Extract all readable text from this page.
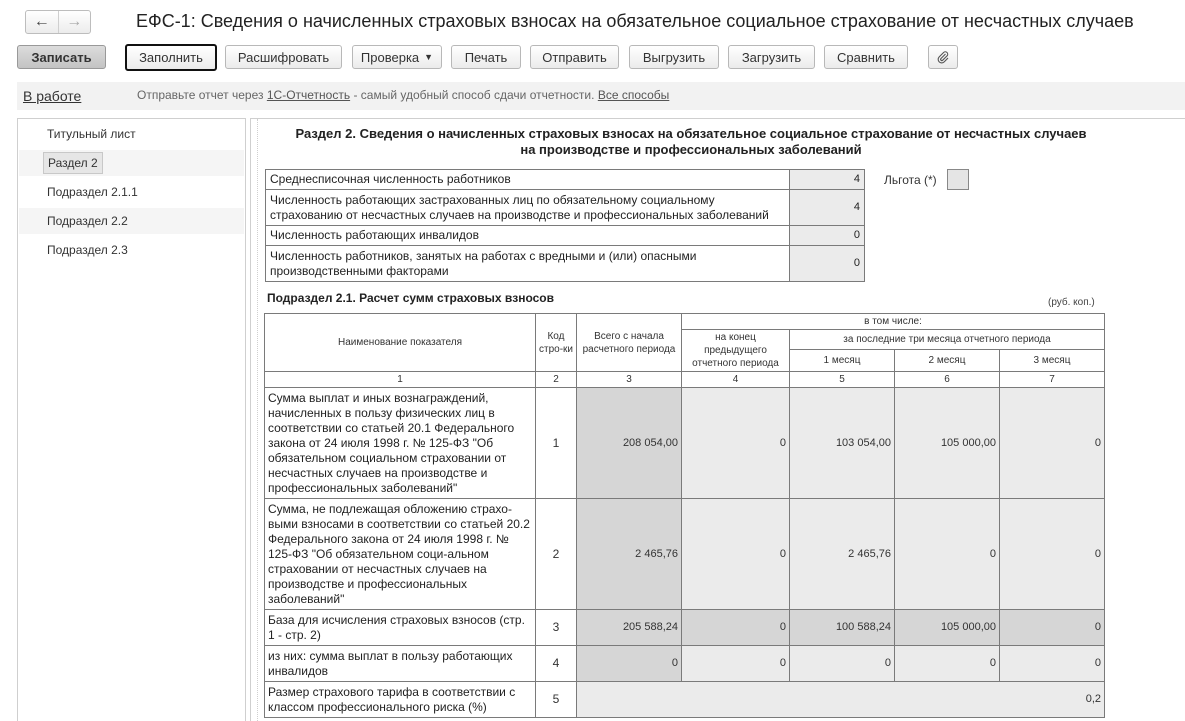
← →	ЕФС-1: Сведения о начисленных страховых взносах на обязательное социальное страхование от несчастных случаев
Записать	Заполнить	Расшифровать	Проверка ▼	Печать	Отправить	Выгрузить	Загрузить	Сравнить
В работе	Отправьте отчет через 1С-Отчетность - самый удобный способ сдачи отчетности. Все способы
Титульный лист
Раздел 2
Подраздел 2.1.1
Подраздел 2.2
Подраздел 2.3
Раздел 2. Сведения о начисленных страховых взносах на обязательное социальное страхование от несчастных случаев
на производстве и профессиональных заболеваний
Среднесписочная численность работников	4
Численность работающих застрахованных лиц по обязательному социальному страхованию от несчастных случаев на производстве и профессиональных заболеваний	4
Численность работающих инвалидов	0
Численность работников, занятых на работах с вредными и (или) опасными производственными факторами	0
Льгота (*)
Подраздел 2.1. Расчет сумм страховых взносов	(руб. коп.)
Наименование показателя	Код стро-ки	Всего с начала расчетного периода	в том числе:			
			на конец предыдущего отчетного периода	за последние три месяца отчетного периода		
				1 месяц	2 месяц	3 месяц
1	2	3	4	5	6	7
Сумма выплат и иных вознаграждений, начисленных в пользу физических лиц в соответствии со статьей 20.1 Федерального закона от 24 июля 1998 г. № 125-ФЗ "Об обязательном социальном страховании от несчастных случаев на производстве и профессиональных заболеваний"	1	208 054,00	0	103 054,00	105 000,00	0
Сумма, не подлежащая обложению страхо-выми взносами в соответствии со статьей 20.2 Федерального закона от 24 июля 1998 г. № 125-ФЗ "Об обязательном соци-альном страховании от несчастных случаев на производстве и профессиональных заболеваний"	2	2 465,76	0	2 465,76	0	0
База для исчисления страховых взносов (стр. 1 - стр. 2)	3	205 588,24	0	100 588,24	105 000,00	0
из них: сумма выплат в пользу работающих инвалидов	4	0	0	0	0	0
Размер страхового тарифа в соответствии с классом профессионального риска (%)	5	0,2				
